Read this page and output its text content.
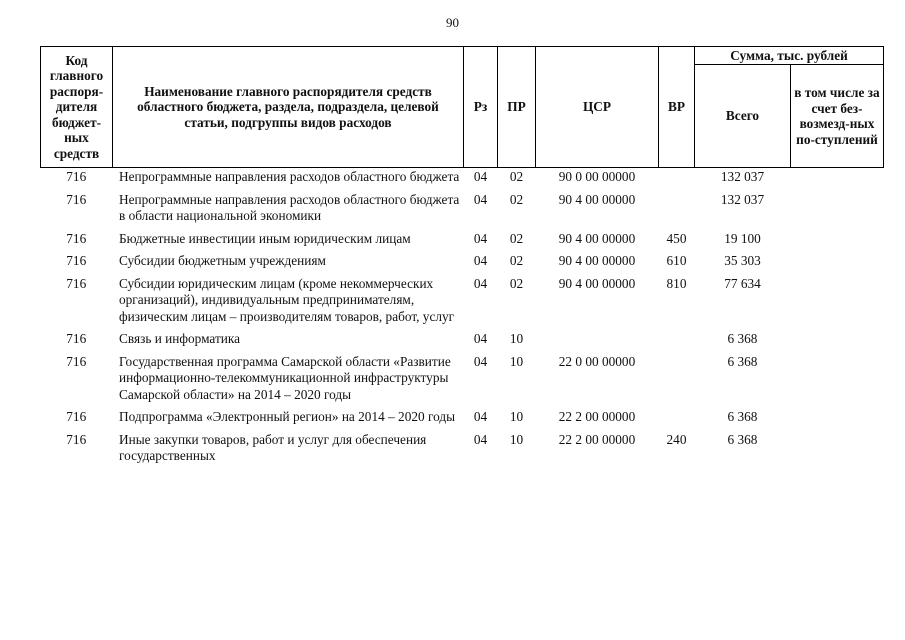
90
Код главного распоря-дителя бюджет-ных средств	Наименование главного распорядителя средств областного бюджета, раздела, подраздела, целевой статьи, подгруппы видов расходов	Рз	ПР	ЦСР	ВР	Сумма, тыс. рублей	
						Всего	в том числе за счет без-возмезд-ных по-ступлений
716	Непрограммные направления расходов областного бюджета	04	02	90 0 00 00000		132 037	
716	Непрограммные направления расходов областного бюджета в области национальной экономики	04	02	90 4 00 00000		132 037	
716	Бюджетные инвестиции иным юридическим лицам	04	02	90 4 00 00000	450	19 100	
716	Субсидии бюджетным учреждениям	04	02	90 4 00 00000	610	35 303	
716	Субсидии юридическим лицам (кроме некоммерческих организаций), индивидуальным предпринимателям, физическим лицам – производителям товаров, работ, услуг	04	02	90 4 00 00000	810	77 634	
716	Связь и информатика	04	10			6 368	
716	Государственная программа Самарской области «Развитие информационно-телекоммуникационной инфраструктуры Самарской области» на 2014 – 2020 годы	04	10	22 0 00 00000		6 368	
716	Подпрограмма «Электронный регион» на 2014 – 2020 годы	04	10	22 2 00 00000		6 368	
716	Иные закупки товаров, работ и услуг для обеспечения государственных	04	10	22 2 00 00000	240	6 368	
